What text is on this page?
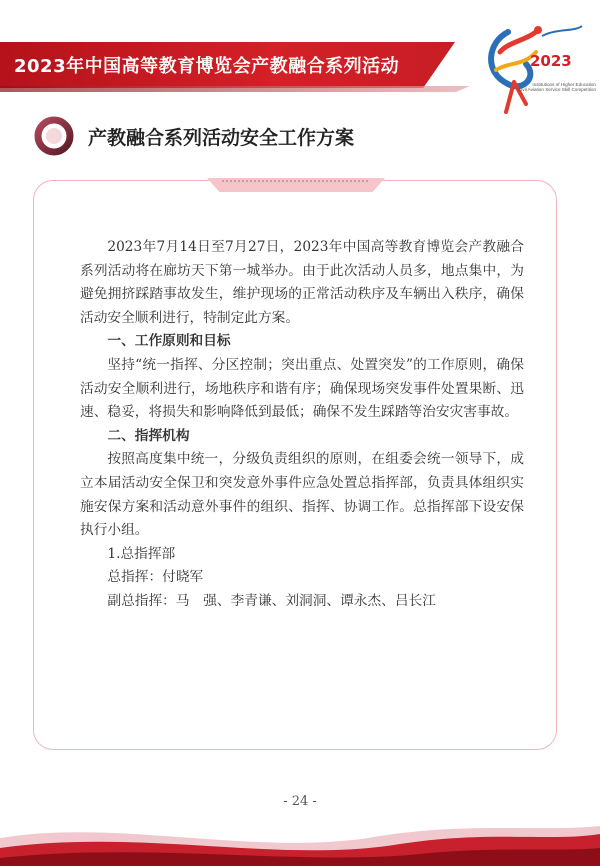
2023年中国高等教育博览会产教融合系列活动	2023
Institutions of Higher Education
Civil Aviation Service Skill Competition
产教融合系列活动安全工作方案

2023年7月14日至7月27日，2023年中国高等教育博览会产教融合系列活动将在廊坊天下第一城举办。由于此次活动人员多，地点集中，为避免拥挤踩踏事故发生，维护现场的正常活动秩序及车辆出入秩序，确保活动安全顺利进行，特制定此方案。

一、工作原则和目标

坚持“统一指挥、分区控制；突出重点、处置突发”的工作原则，确保活动安全顺利进行，场地秩序和谐有序；确保现场突发事件处置果断、迅速、稳妥，将损失和影响降低到最低；确保不发生踩踏等治安灾害事故。

二、指挥机构

按照高度集中统一，分级负责组织的原则，在组委会统一领导下，成立本届活动安全保卫和突发意外事件应急处置总指挥部，负责具体组织实施安保方案和活动意外事件的组织、指挥、协调工作。总指挥部下设安保执行小组。

1.总指挥部

总指挥：付晓军

副总指挥：马　强、李青谦、刘洞洞、谭永杰、吕长江

- 24 -
